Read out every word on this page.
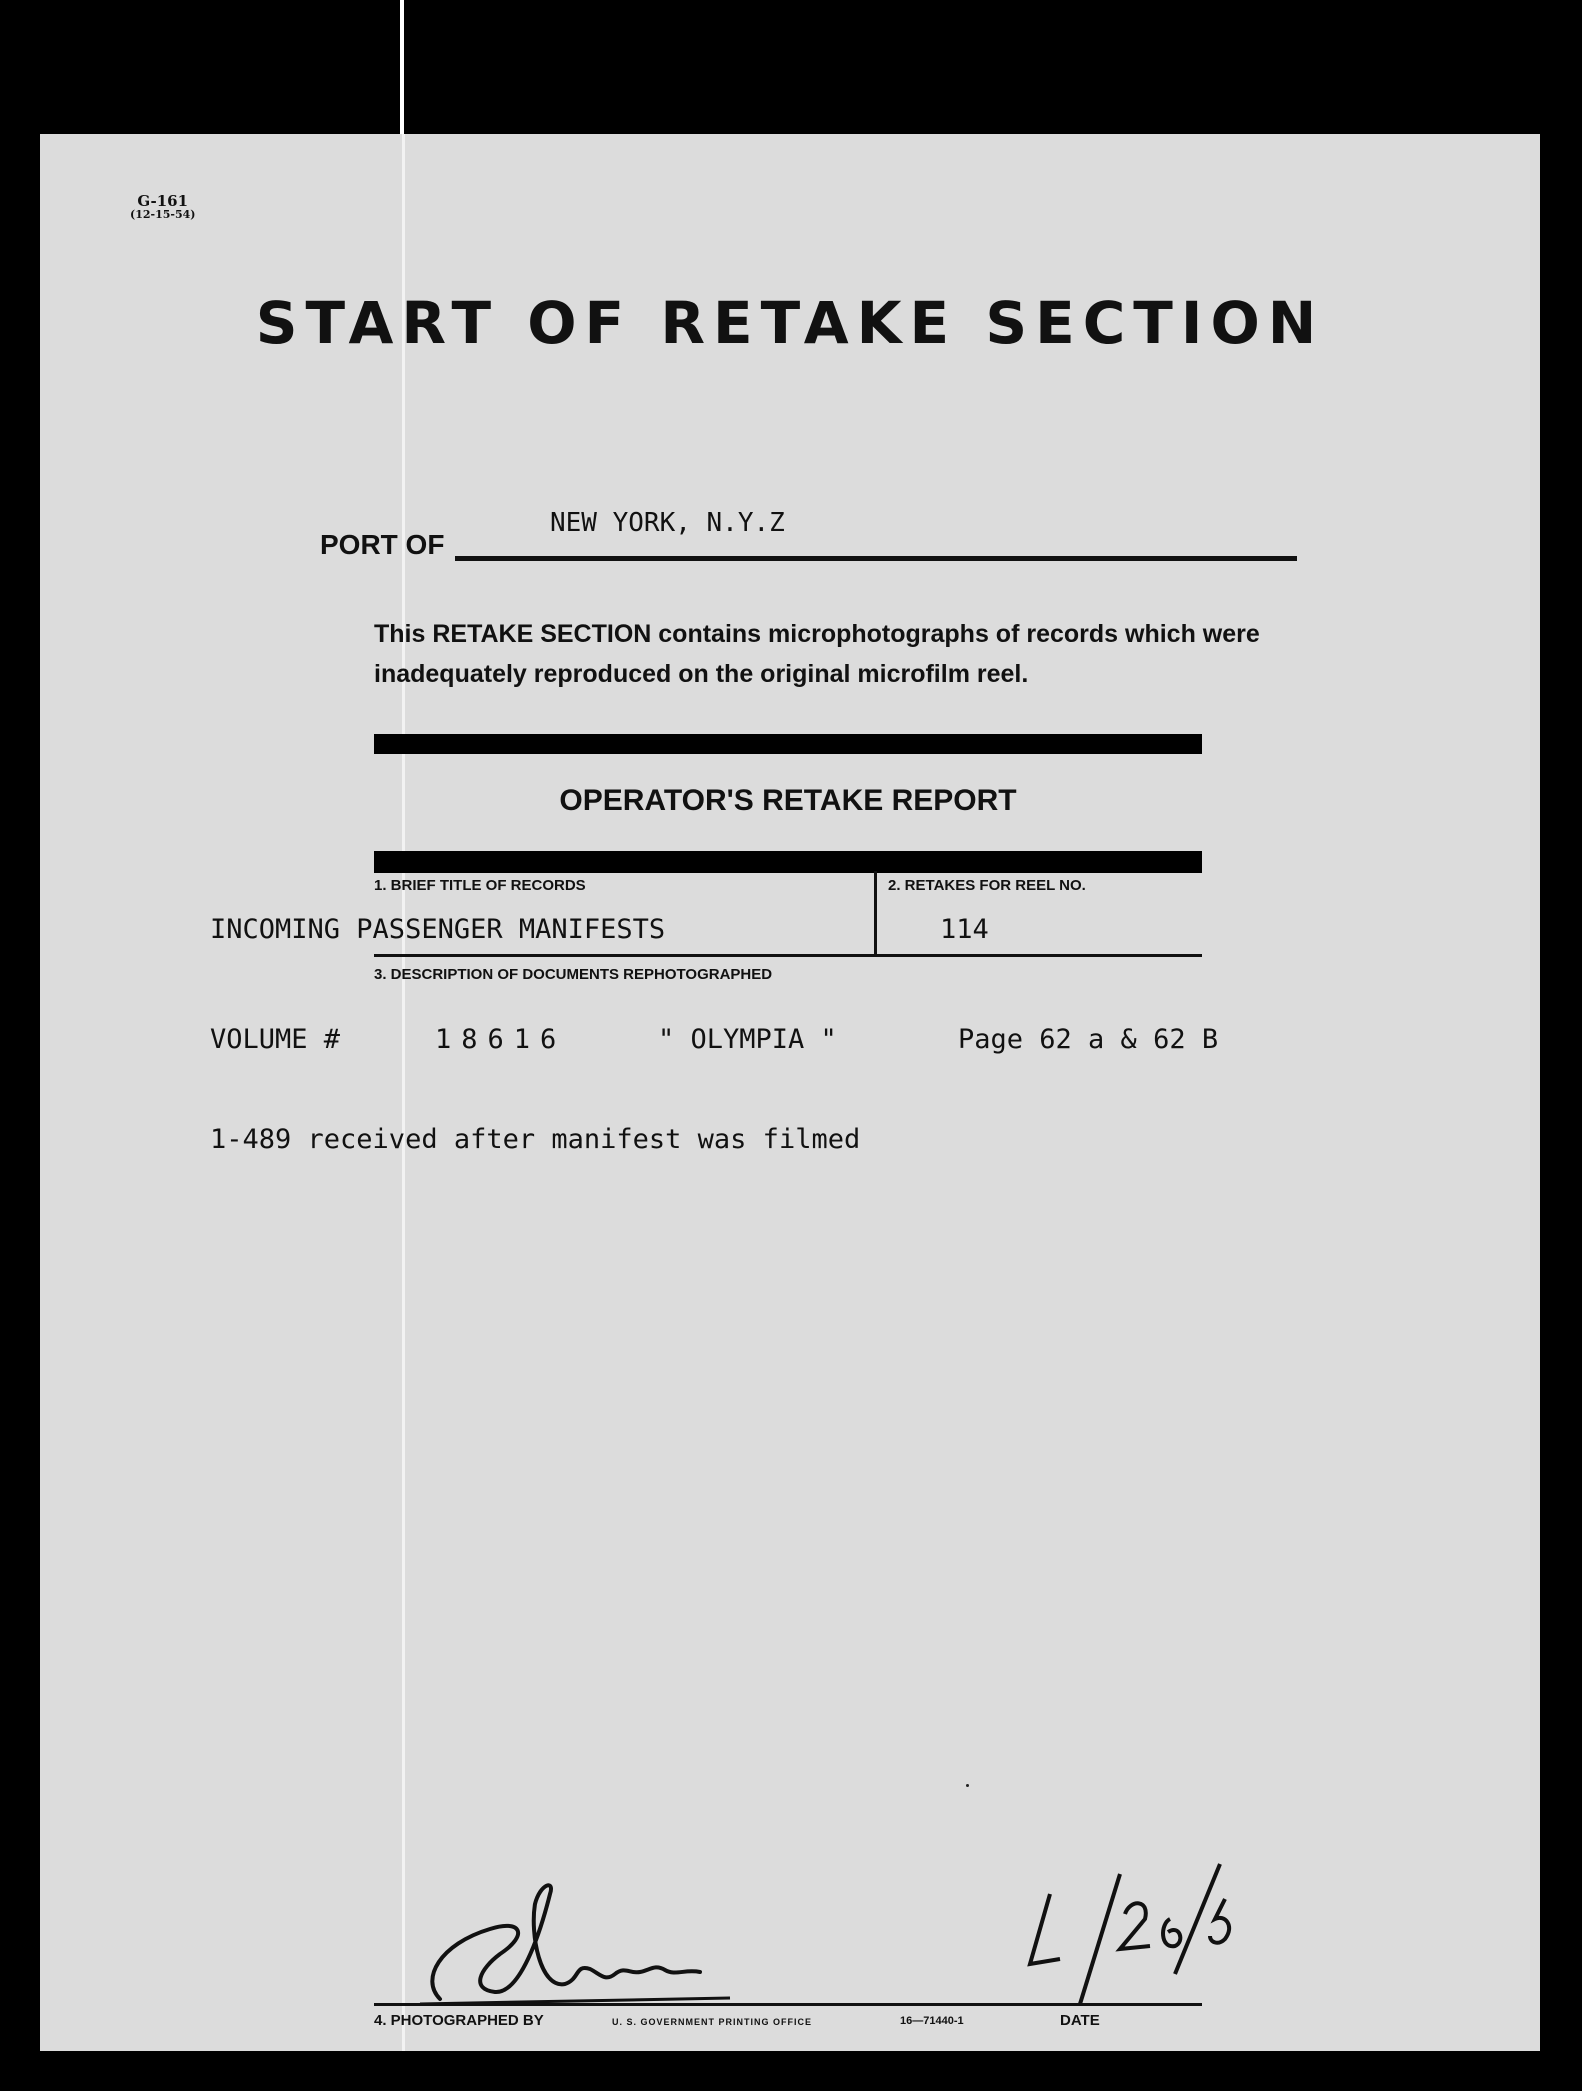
G-161
(12-15-54)
START OF RETAKE SECTION
PORT OF
NEW YORK, N.Y.Z
This RETAKE SECTION contains microphotographs of records which were
inadequately reproduced on the original microfilm reel.
OPERATOR'S RETAKE REPORT
1. BRIEF TITLE OF RECORDS	2. RETAKES FOR REEL NO.
3. DESCRIPTION OF DOCUMENTS REPHOTOGRAPHED
INCOMING PASSENGER MANIFESTS	114
VOLUME #	18616	" OLYMPIA "	Page 62 a & 62 B
1-489 received after manifest was filmed
4. PHOTOGRAPHED BY	U. S. GOVERNMENT PRINTING OFFICE	16—71440-1	DATE
